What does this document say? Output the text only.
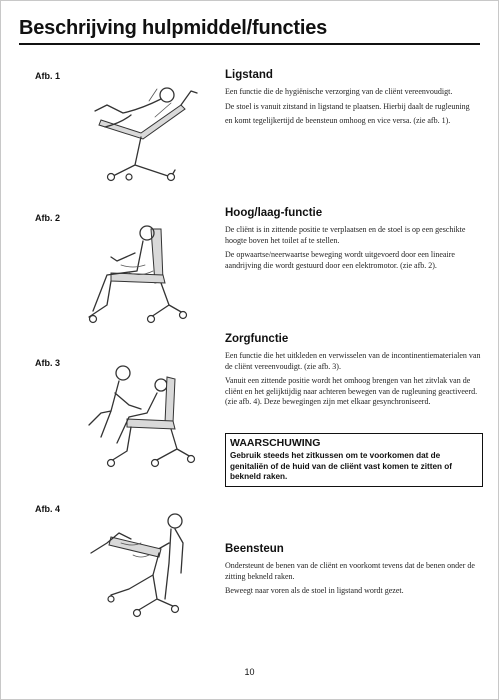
Beschrijving hulpmiddel/functies
Afb. 1
Afb. 2
Afb. 3
Afb. 4
Ligstand

Een functie die de hygiënische verzorging van de cliënt vereenvoudigt.

De stoel is vanuit zitstand in ligstand te plaatsen. Hierbij daalt de rugleuning

en komt tegelijkertijd de beensteun omhoog en vice versa. (zie afb. 1).

Hoog/laag-functie

De cliënt is in zittende positie te verplaatsen en de stoel is op een geschikte hoogte boven het toilet af te stellen.

De opwaartse/neerwaartse beweging wordt uitgevoerd door een lineaire aandrijving die wordt gestuurd door een elektromotor. (zie afb. 2).

Zorgfunctie

Een functie die het uitkleden en verwisselen van de incontinentiematerialen van de cliënt vereenvoudigt. (zie afb. 3).

Vanuit een zittende positie wordt het omhoog brengen van het zitvlak van de cliënt en het gelijktijdig naar achteren bewegen van de rugleuning geactiveerd. (zie afb. 4). Deze bewegingen zijn met elkaar gesynchroniseerd.

WAARSCHUWING
Gebruik steeds het zitkussen om te voorkomen dat de genitaliën of de huid van de cliënt vast komen te zitten of bekneld raken.
Beensteun

Ondersteunt de benen van de cliënt en voorkomt tevens dat de benen onder de zitting bekneld raken.

Beweegt naar voren als de stoel in ligstand wordt gezet.

10
